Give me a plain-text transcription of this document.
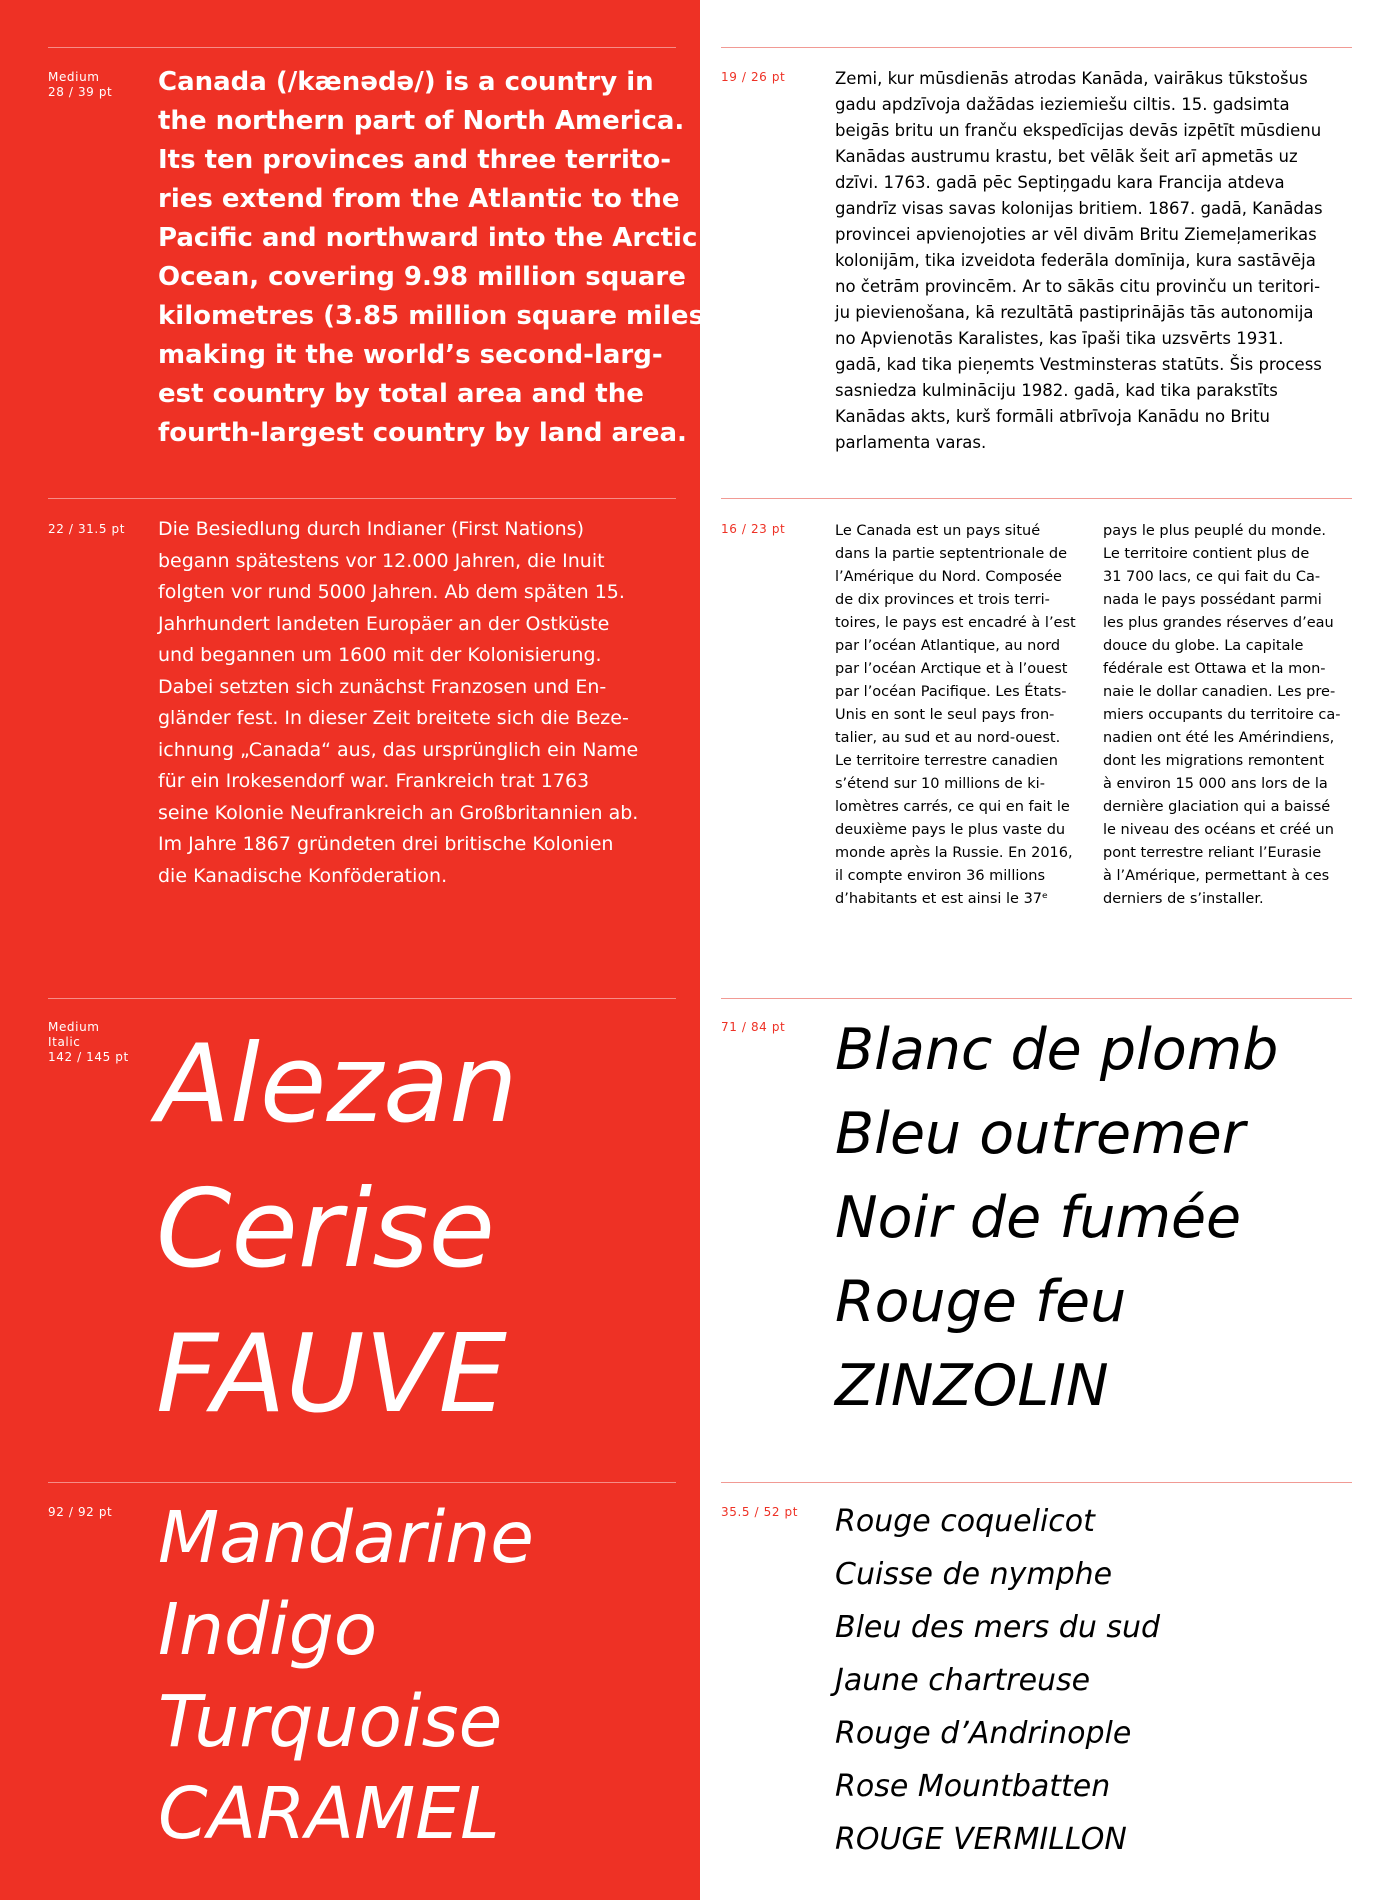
Medium
28 / 39 pt Canada (/kænədə/) is a country in
the northern part of North America.
Its ten provinces and three territo-
ries extend from the Atlantic to the
Pacific and northward into the Arctic
Ocean, covering 9.98 million square
kilometres (3.85 million square miles),
making it the world’s second-larg-
est country by total area and the
fourth-largest country by land area.
22 / 31.5 pt Die Besiedlung durch Indianer (First Nations)
begann spätestens vor 12.000 Jahren, die Inuit
folgten vor rund 5000 Jahren. Ab dem späten 15.
Jahrhundert landeten Europäer an der Ostküste
und begannen um 1600 mit der Kolonisierung.
Dabei setzten sich zunächst Franzosen und En-
gländer fest. In dieser Zeit breitete sich die Beze-
ichnung „Canada“ aus, das ursprünglich ein Name
für ein Irokesendorf war. Frankreich trat 1763
seine Kolonie Neufrankreich an Großbritannien ab.
Im Jahre 1867 gründeten drei britische Kolonien
die Kanadische Konföderation.
Medium
Italic
142 / 145 pt Alezan
Cerise
FAUVE
92 / 92 pt Mandarine
Indigo
Turquoise
CARAMEL
19 / 26 pt	Zemi, kur mūsdienās atrodas Kanāda, vairākus tūkstošus
gadu apdzīvoja dažādas ieziemiešu ciltis. 15. gadsimta
beigās britu un franču ekspedīcijas devās izpētīt mūsdienu
Kanādas austrumu krastu, bet vēlāk šeit arī apmetās uz
dzīvi. 1763. gadā pēc Septiņgadu kara Francija atdeva
gandrīz visas savas kolonijas britiem. 1867. gadā, Kanādas
provincei apvienojoties ar vēl divām Britu Ziemeļamerikas
kolonijām, tika izveidota federāla domīnija, kura sastāvēja
no četrām provincēm. Ar to sākās citu provinču un teritori-
ju pievienošana, kā rezultātā pastiprinājās tās autonomija
no Apvienotās Karalistes, kas īpaši tika uzsvērts 1931.
gadā, kad tika pieņemts Vestminsteras statūts. Šis process
sasniedza kulmināciju 1982. gadā, kad tika parakstīts
Kanādas akts, kurš formāli atbrīvoja Kanādu no Britu
parlamenta varas.
16 / 23 pt	Le Canada est un pays situé
dans la partie septentrionale de
l’Amérique du Nord. Composée
de dix provinces et trois terri-
toires, le pays est encadré à l’est
par l’océan Atlantique, au nord
par l’océan Arctique et à l’ouest
par l’océan Pacifique. Les États-
Unis en sont le seul pays fron-
talier, au sud et au nord-ouest.
Le territoire terrestre canadien
s’étend sur 10 millions de ki-
lomètres carrés, ce qui en fait le
deuxième pays le plus vaste du
monde après la Russie. En 2016,
il compte environ 36 millions
d’habitants et est ainsi le 37ᵉ
pays le plus peuplé du monde.
Le territoire contient plus de
31 700 lacs, ce qui fait du Ca-
nada le pays possédant parmi
les plus grandes réserves d’eau
douce du globe. La capitale
fédérale est Ottawa et la mon-
naie le dollar canadien. Les pre-
miers occupants du territoire ca-
nadien ont été les Amérindiens,
dont les migrations remontent
à environ 15 000 ans lors de la
dernière glaciation qui a baissé
le niveau des océans et créé un
pont terrestre reliant l’Eurasie
à l’Amérique, permettant à ces
derniers de s’installer.
71 / 84 pt Blanc de plomb
Bleu outremer
Noir de fumée
Rouge feu
ZINZOLIN
35.5 / 52 pt Rouge coquelicot
Cuisse de nymphe
Bleu des mers du sud
Jaune chartreuse
Rouge d’Andrinople
Rose Mountbatten
ROUGE VERMILLON
